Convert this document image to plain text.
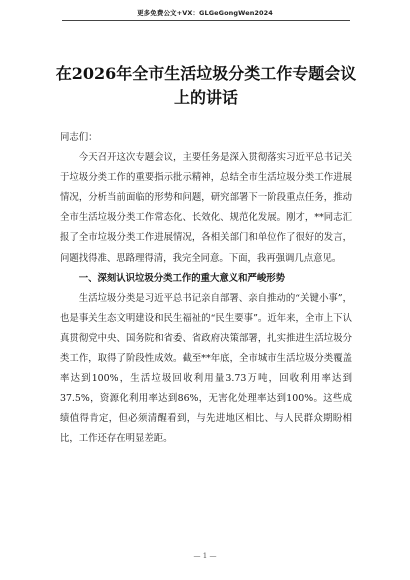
更多免费公文+VX：GLGeGongWen2024
在2026年全市生活垃圾分类工作专题会议上的讲话

同志们：

今天召开这次专题会议，主要任务是深入贯彻落实习近平总书记关于垃圾分类工作的重要指示批示精神，总结全市生活垃圾分类工作进展情况，分析当前面临的形势和问题，研究部署下一阶段重点任务，推动全市生活垃圾分类工作常态化、长效化、规范化发展。刚才，**同志汇报了全市垃圾分类工作进展情况，各相关部门和单位作了很好的发言，问题找得准、思路理得清，我完全同意。下面，我再强调几点意见。

一、深刻认识垃圾分类工作的重大意义和严峻形势

生活垃圾分类是习近平总书记亲自部署、亲自推动的“关键小事”，也是事关生态文明建设和民生福祉的“民生要事”。近年来，全市上下认真贯彻党中央、国务院和省委、省政府决策部署，扎实推进生活垃圾分类工作，取得了阶段性成效。截至**年底，全市城市生活垃圾分类覆盖率达到100%，生活垃圾回收利用量3.73万吨，回收利用率达到37.5%，资源化利用率达到86%，无害化处理率达到100%。这些成绩值得肯定，但必须清醒看到，与先进地区相比、与人民群众期盼相比，工作还存在明显差距。

— 1 —
